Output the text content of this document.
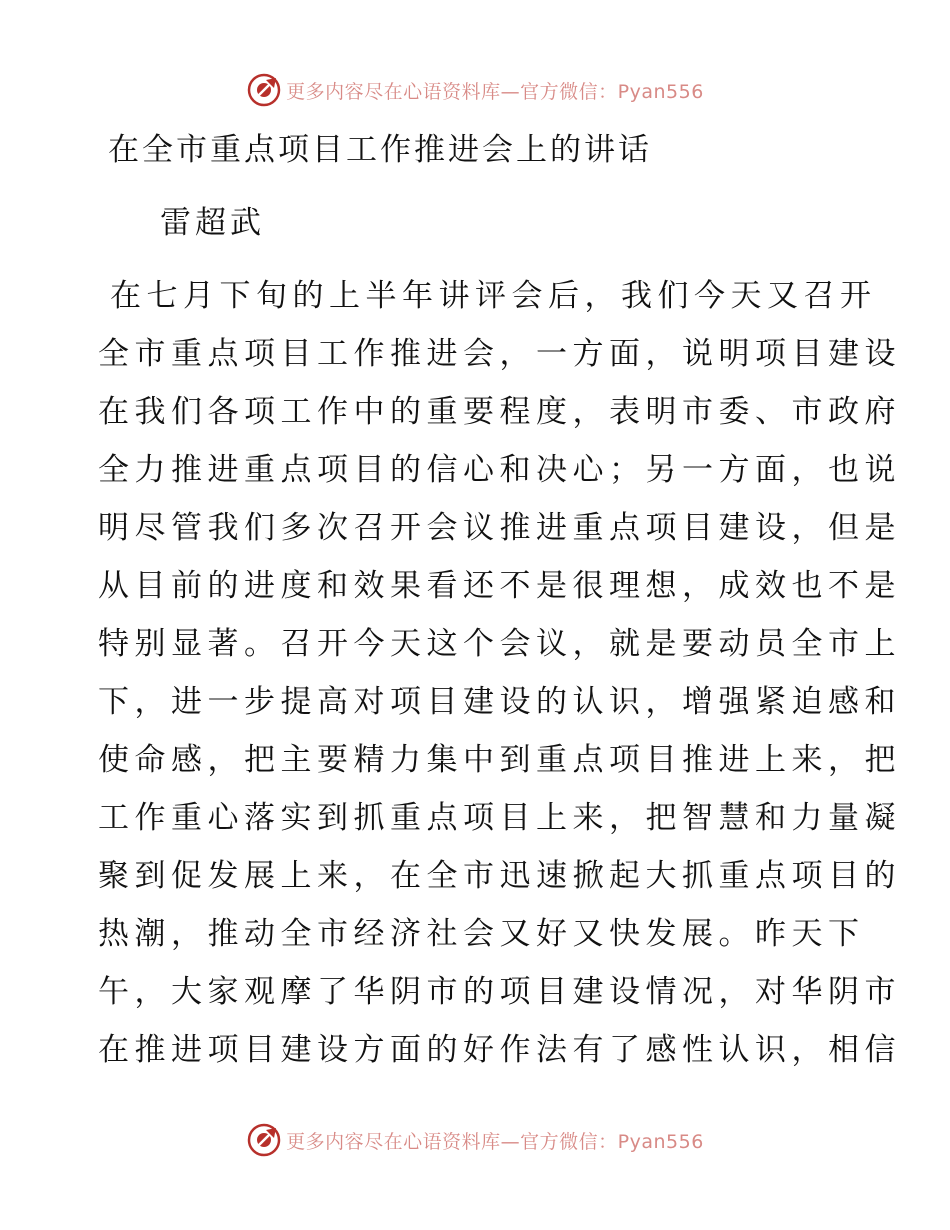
更多内容尽在心语资料库—官方微信：Pyan556
在全市重点项目工作推进会上的讲话

雷超武

在七月下旬的上半年讲评会后，我们今天又召开

全市重点项目工作推进会，一方面，说明项目建设

在我们各项工作中的重要程度，表明市委、市政府

全力推进重点项目的信心和决心；另一方面，也说

明尽管我们多次召开会议推进重点项目建设，但是

从目前的进度和效果看还不是很理想，成效也不是

特别显著。召开今天这个会议，就是要动员全市上

下，进一步提高对项目建设的认识，增强紧迫感和

使命感，把主要精力集中到重点项目推进上来，把

工作重心落实到抓重点项目上来，把智慧和力量凝

聚到促发展上来，在全市迅速掀起大抓重点项目的

热潮，推动全市经济社会又好又快发展。昨天下

午，大家观摩了华阴市的项目建设情况，对华阴市

在推进项目建设方面的好作法有了感性认识，相信

更多内容尽在心语资料库—官方微信：Pyan556
